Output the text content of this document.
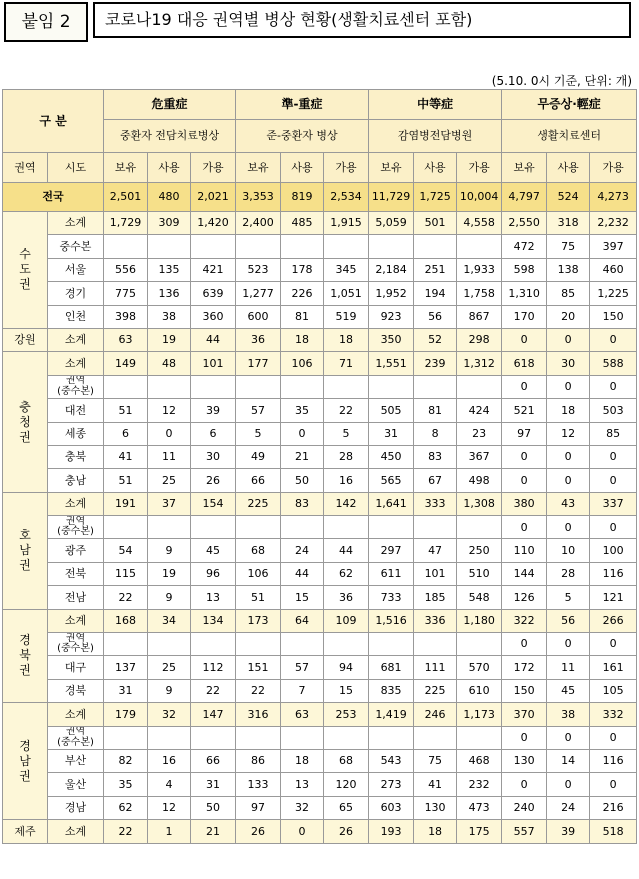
붙임 2	코로나19 대응 권역별 병상 현황(생활치료센터 포함)
(5.10. 0시 기준, 단위: 개)
구 분		危重症			準-重症			中等症			무증상·輕症		
		중환자 전담치료병상			준-중환자 병상			감염병전담병원			생활치료센터		
권역	시도	보유	사용	가용	보유	사용	가용	보유	사용	가용	보유	사용	가용
전국		2,501	480	2,021	3,353	819	2,534	11,729	1,725	10,004	4,797	524	4,273
수
도
권	소계	1,729	309	1,420	2,400	485	1,915	5,059	501	4,558	2,550	318	2,232
	중수본										472	75	397
	서울	556	135	421	523	178	345	2,184	251	1,933	598	138	460
	경기	775	136	639	1,277	226	1,051	1,952	194	1,758	1,310	85	1,225
	인천	398	38	360	600	81	519	923	56	867	170	20	150
강원	소계	63	19	44	36	18	18	350	52	298	0	0	0
충
청
권	소계	149	48	101	177	106	71	1,551	239	1,312	618	30	588
	권역
(중수본)										0	0	0
	대전	51	12	39	57	35	22	505	81	424	521	18	503
	세종	6	0	6	5	0	5	31	8	23	97	12	85
	충북	41	11	30	49	21	28	450	83	367	0	0	0
	충남	51	25	26	66	50	16	565	67	498	0	0	0
호
남
권	소계	191	37	154	225	83	142	1,641	333	1,308	380	43	337
	권역
(중수본)										0	0	0
	광주	54	9	45	68	24	44	297	47	250	110	10	100
	전북	115	19	96	106	44	62	611	101	510	144	28	116
	전남	22	9	13	51	15	36	733	185	548	126	5	121
경
북
권	소계	168	34	134	173	64	109	1,516	336	1,180	322	56	266
	권역
(중수본)										0	0	0
	대구	137	25	112	151	57	94	681	111	570	172	11	161
	경북	31	9	22	22	7	15	835	225	610	150	45	105
경
남
권	소계	179	32	147	316	63	253	1,419	246	1,173	370	38	332
	권역
(중수본)										0	0	0
	부산	82	16	66	86	18	68	543	75	468	130	14	116
	울산	35	4	31	133	13	120	273	41	232	0	0	0
	경남	62	12	50	97	32	65	603	130	473	240	24	216
제주	소계	22	1	21	26	0	26	193	18	175	557	39	518
